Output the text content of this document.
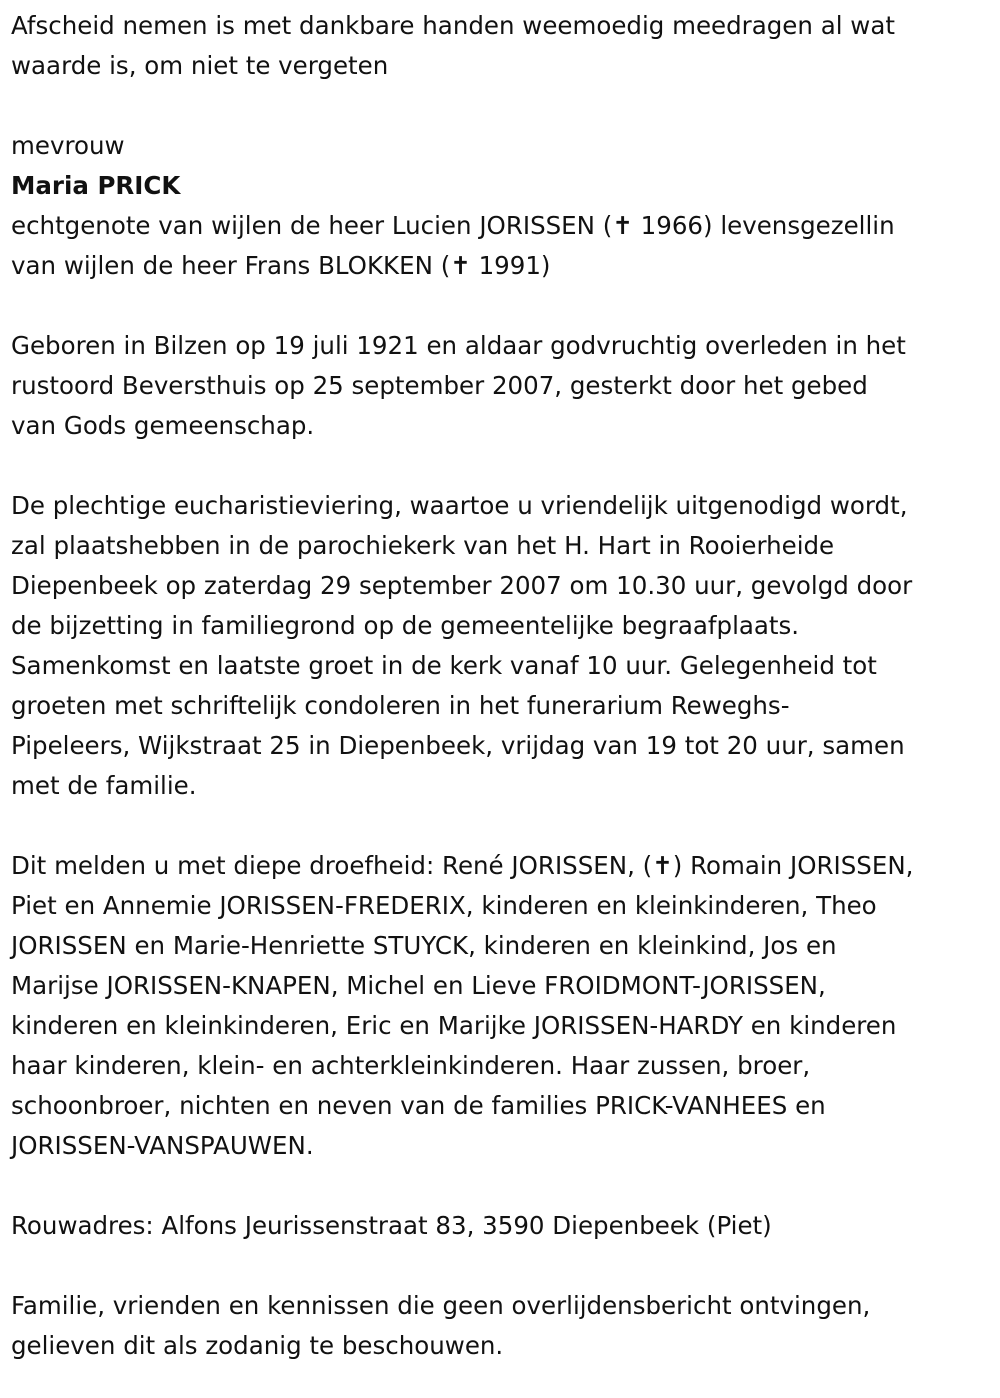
Afscheid nemen is met dankbare handen weemoedig meedragen al wat
waarde is, om niet te vergeten
mevrouw
Maria PRICK
echtgenote van wijlen de heer Lucien JORISSEN (✝ 1966) levensgezellin
van wijlen de heer Frans BLOKKEN (✝ 1991)
Geboren in Bilzen op 19 juli 1921 en aldaar godvruchtig overleden in het
rustoord Beversthuis op 25 september 2007, gesterkt door het gebed
van Gods gemeenschap.
De plechtige eucharistieviering, waartoe u vriendelijk uitgenodigd wordt,
zal plaatshebben in de parochiekerk van het H. Hart in Rooierheide
Diepenbeek op zaterdag 29 september 2007 om 10.30 uur, gevolgd door
de bijzetting in familiegrond op de gemeentelijke begraafplaats.
Samenkomst en laatste groet in de kerk vanaf 10 uur. Gelegenheid tot
groeten met schriftelijk condoleren in het funerarium Reweghs-
Pipeleers, Wijkstraat 25 in Diepenbeek, vrijdag van 19 tot 20 uur, samen
met de familie.
Dit melden u met diepe droefheid: René JORISSEN, (✝) Romain JORISSEN,
Piet en Annemie JORISSEN-FREDERIX, kinderen en kleinkinderen, Theo
JORISSEN en Marie-Henriette STUYCK, kinderen en kleinkind, Jos en
Marijse JORISSEN-KNAPEN, Michel en Lieve FROIDMONT-JORISSEN,
kinderen en kleinkinderen, Eric en Marijke JORISSEN-HARDY en kinderen
haar kinderen, klein- en achterkleinkinderen. Haar zussen, broer,
schoonbroer, nichten en neven van de families PRICK-VANHEES en
JORISSEN-VANSPAUWEN.
Rouwadres: Alfons Jeurissenstraat 83, 3590 Diepenbeek (Piet)
Familie, vrienden en kennissen die geen overlijdensbericht ontvingen,
gelieven dit als zodanig te beschouwen.
